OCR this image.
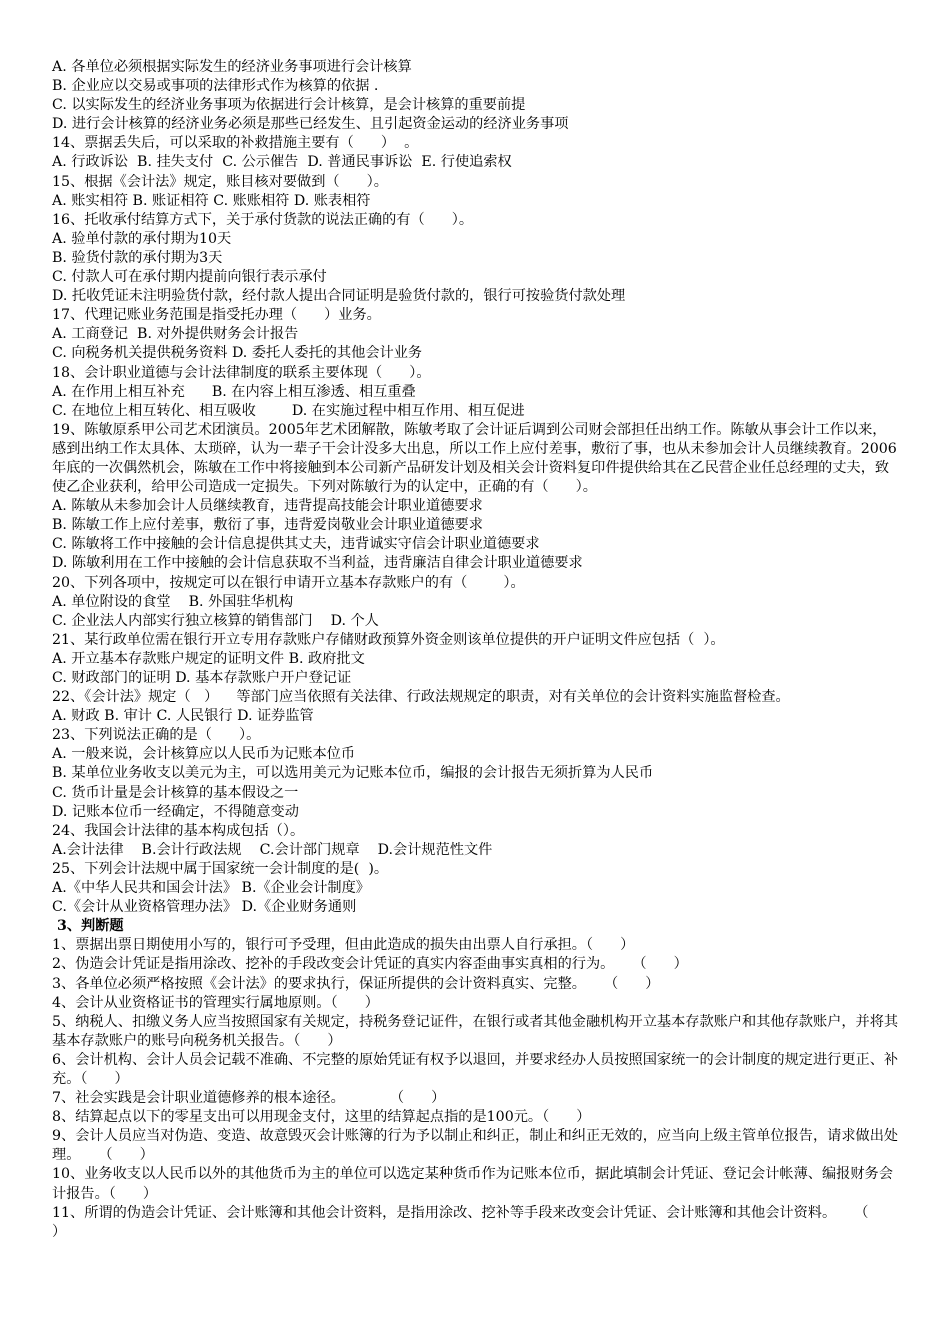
A. 各单位必须根据实际发生的经济业务事项进行会计核算
B. 企业应以交易或事项的法律形式作为核算的依据 .
C. 以实际发生的经济业务事项为依据进行会计核算，是会计核算的重要前提
D. 进行会计核算的经济业务必须是那些已经发生、且引起资金运动的经济业务事项
14、票据丢失后，可以采取的补救措施主要有（      ）  。
A. 行政诉讼  B. 挂失支付  C. 公示催告  D. 普通民事诉讼  E. 行使追索权
15、根据《会计法》规定，账目核对要做到（      ）。
A. 账实相符 B. 账证相符 C. 账账相符 D. 账表相符
16、托收承付结算方式下，关于承付货款的说法正确的有（      ）。
A. 验单付款的承付期为10天
B. 验货付款的承付期为3天
C. 付款人可在承付期内提前向银行表示承付
D. 托收凭证未注明验货付款，经付款人提出合同证明是验货付款的，银行可按验货付款处理
17、代理记账业务范围是指受托办理（      ）业务。
A. 工商登记  B. 对外提供财务会计报告
C. 向税务机关提供税务资料 D. 委托人委托的其他会计业务
18、会计职业道德与会计法律制度的联系主要体现（      ）。
A. 在作用上相互补充      B. 在内容上相互渗透、相互重叠
C. 在地位上相互转化、相互吸收        D. 在实施过程中相互作用、相互促进
19、陈敏原系甲公司艺术团演员。2005年艺术团解散，陈敏考取了会计证后调到公司财会部担任出纳工作。陈敏从事会计工作以来，感到出纳工作太具体、太琐碎，认为一辈子干会计没多大出息，所以工作上应付差事，敷衍了事，也从未参加会计人员继续教育。2006年底的一次偶然机会，陈敏在工作中将接触到本公司新产品研发计划及相关会计资料复印件提供给其在乙民营企业任总经理的丈夫，致使乙企业获利，给甲公司造成一定损失。下列对陈敏行为的认定中，正确的有（      ）。
A. 陈敏从未参加会计人员继续教育，违背提高技能会计职业道德要求
B. 陈敏工作上应付差事，敷衍了事，违背爱岗敬业会计职业道德要求
C. 陈敏将工作中接触的会计信息提供其丈夫，违背诚实守信会计职业道德要求
D. 陈敏利用在工作中接触的会计信息获取不当利益，违背廉洁自律会计职业道德要求
20、下列各项中，按规定可以在银行申请开立基本存款账户的有（        ）。
A. 单位附设的食堂    B. 外国驻华机构
C. 企业法人内部实行独立核算的销售部门    D. 个人
21、某行政单位需在银行开立专用存款账户存储财政预算外资金则该单位提供的开户证明文件应包括（  ）。
A. 开立基本存款账户规定的证明文件 B. 政府批文
C. 财政部门的证明 D. 基本存款账户开户登记证
22、《会计法》规定（   ）    等部门应当依照有关法律、行政法规规定的职责，对有关单位的会计资料实施监督检查。
A. 财政 B. 审计 C. 人民银行 D. 证券监管
23、下列说法正确的是（      ）。
A. 一般来说，会计核算应以人民币为记账本位币
B. 某单位业务收支以美元为主，可以选用美元为记账本位币，编报的会计报告无须折算为人民币
C. 货币计量是会计核算的基本假设之一
D. 记账本位币一经确定，不得随意变动
24、我国会计法律的基本构成包括（）。
A.会计法律    B.会计行政法规    C.会计部门规章    D.会计规范性文件
25、下列会计法规中属于国家统一会计制度的是(  )。
A.《中华人民共和国会计法》 B.《企业会计制度》
C.《会计从业资格管理办法》 D.《企业财务通则
3、判断题
1、票据出票日期使用小写的，银行可予受理，但由此造成的损失由出票人自行承担。（      ）
2、伪造会计凭证是指用涂改、挖补的手段改变会计凭证的真实内容歪曲事实真相的行为。    （      ）
3、各单位必须严格按照《会计法》的要求执行，保证所提供的会计资料真实、完整。    （      ）
4、会计从业资格证书的管理实行属地原则。（      ）
5、纳税人、扣缴义务人应当按照国家有关规定，持税务登记证件，在银行或者其他金融机构开立基本存款账户和其他存款账户，并将其基本存款账户的账号向税务机关报告。（      ）
6、会计机构、会计人员会记载不准确、不完整的原始凭证有权予以退回，并要求经办人员按照国家统一的会计制度的规定进行更正、补充。（      ）
7、社会实践是会计职业道德修养的根本途径。          （      ）
8、结算起点以下的零星支出可以用现金支付，这里的结算起点指的是100元。（      ）
9、会计人员应当对伪造、变造、故意毁灭会计账簿的行为予以制止和纠正，制止和纠正无效的，应当向上级主管单位报告，请求做出处理。    （      ）
10、业务收支以人民币以外的其他货币为主的单位可以选定某种货币作为记账本位币，据此填制会计凭证、登记会计帐薄、编报财务会计报告。（      ）
11、所谓的伪造会计凭证、会计账簿和其他会计资料，是指用涂改、挖补等手段来改变会计凭证、会计账簿和其他会计资料。    （      ）
